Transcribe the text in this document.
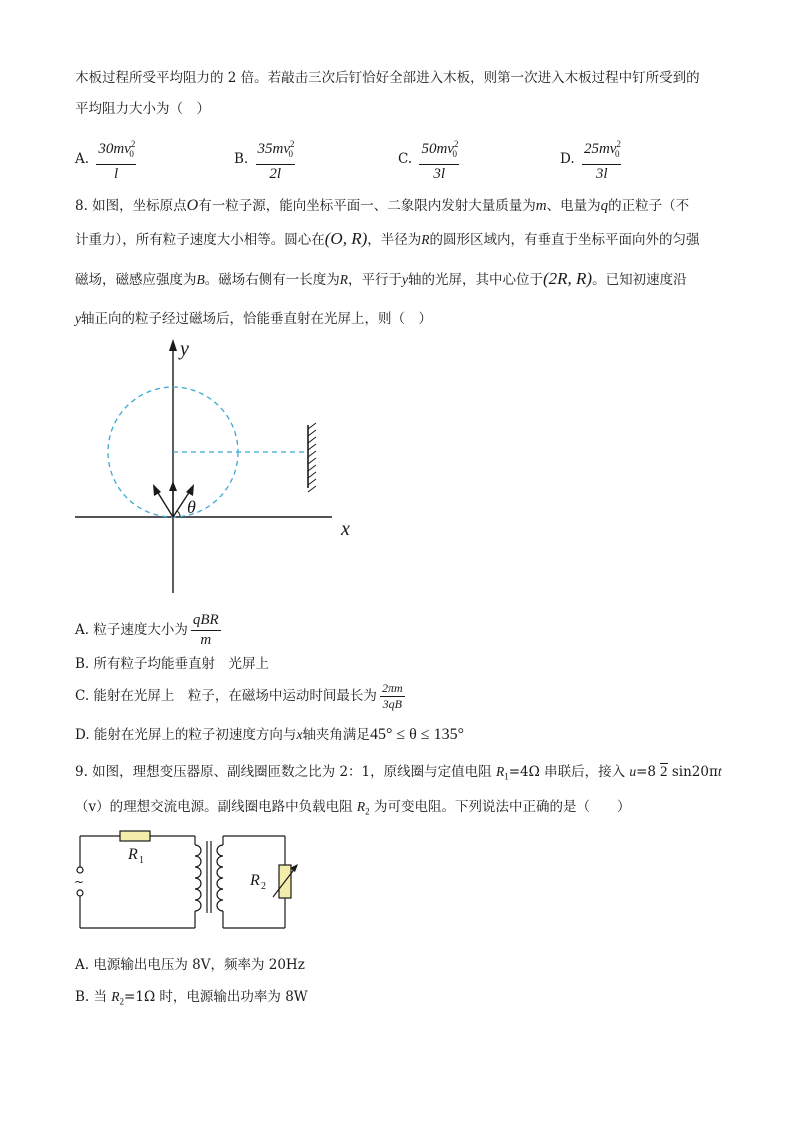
木板过程所受平均阻力的 2 倍。若敲击三次后钉恰好全部进入木板，则第一次进入木板过程中钉所受到的
平均阻力大小为（　）
A. $\frac{30mv^2_0}{l}$	B. $\frac{35mv^2_0}{2l}$	C. $\frac{50mv^2_0}{3l}$	D. $\frac{25mv^2_0}{3l}$
8. 如图，坐标原点O有一粒子源，能向坐标平面一、二象限内发射大量质量为m、电量为q的正粒子（不
计重力），所有粒子速度大小相等。圆心在(O, R)，半径为R的圆形区域内，有垂直于坐标平面向外的匀强
磁场，磁感应强度为B。磁场右侧有一长度为R，平行于y轴的光屏，其中心位于(2R, R)。已知初速度沿
y轴正向的粒子经过磁场后，恰能垂直射在光屏上，则（　）
y
x
θ
A. 粒子速度大小为 $\frac{\text{qBR}}{m}$
B. 所有粒子均能垂直射　光屏上
C. 能射在光屏上　粒子，在磁场中运动时间最长为 $\frac{2\pi m}{3qB}$
D. 能射在光屏上的粒子初速度方向与x轴夹角满足45° ≤ θ ≤ 135°
9. 如图，理想变压器原、副线圈匝数之比为 2：1，原线圈与定值电阻 $R_1=4\Omega$ 串联后，接入 u=8 2 sin20πt
（v）的理想交流电源。副线圈电路中负载电阻 $R_2$ 为可变电阻。下列说法中正确的是（　　）
~
R 1
R 2
A. 电源输出电压为 8V，频率为 20Hz
B. 当 $R_2=1\Omega$ 时，电源输出功率为 8W
